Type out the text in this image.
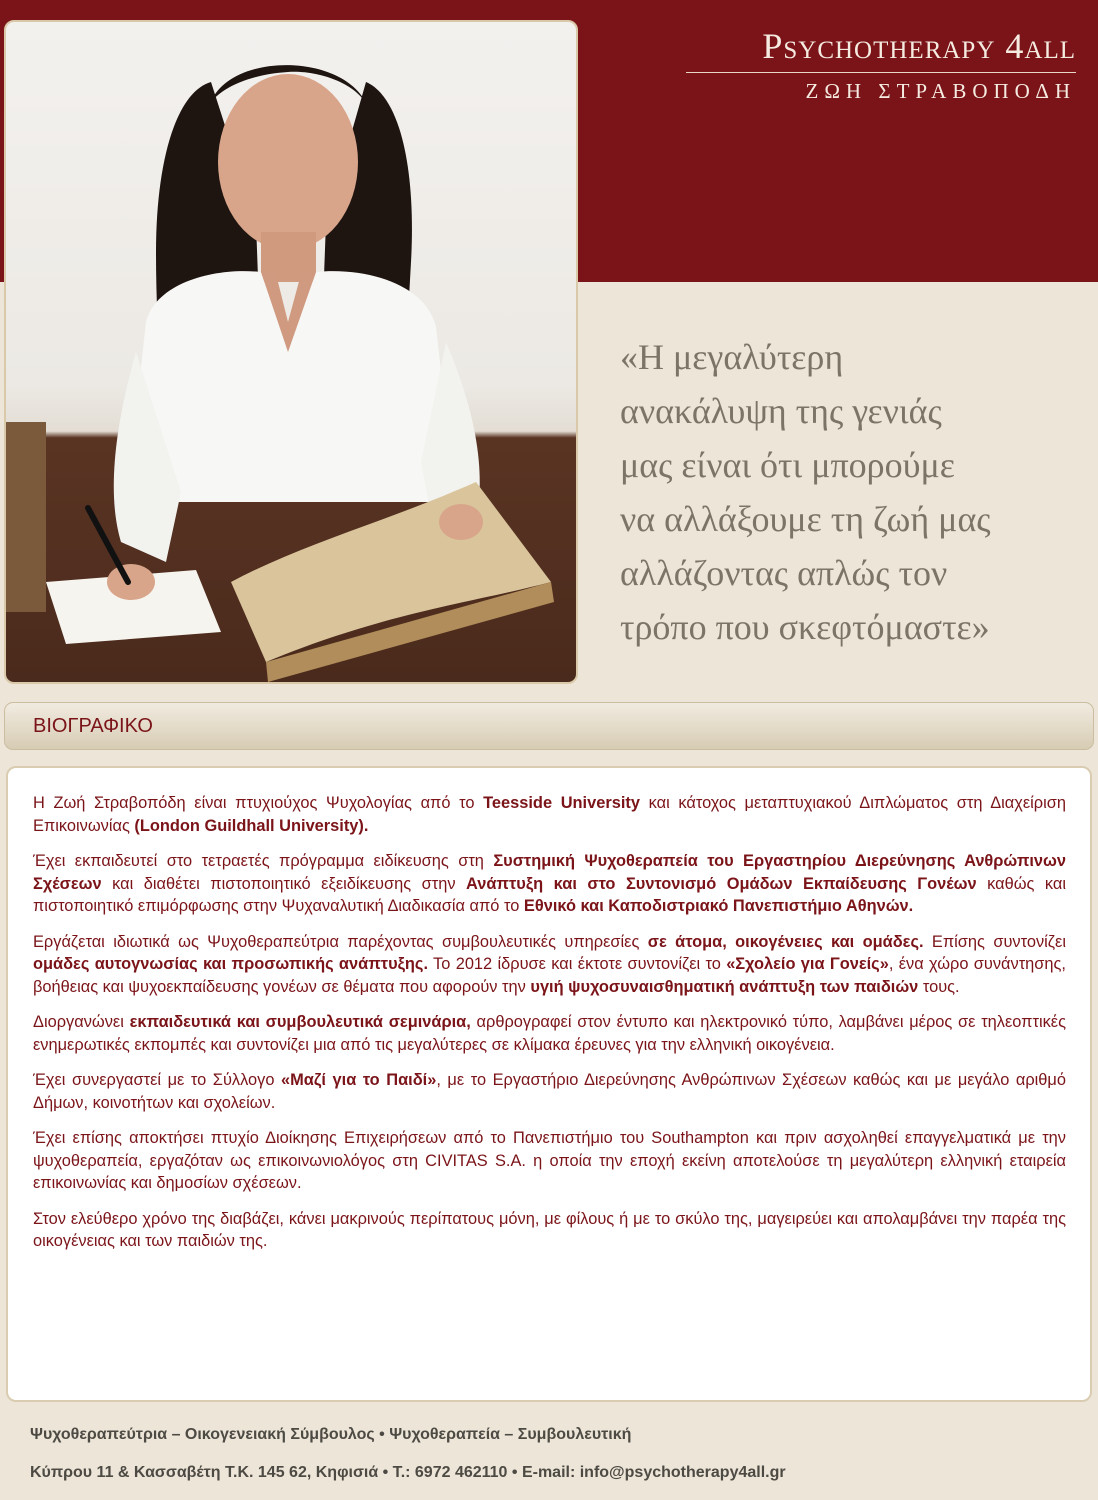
Psychotherapy 4all
ΖΩΗ ΣΤΡΑΒΟΠΟΔΗ
«Η μεγαλύτερη
ανακάλυψη της γενιάς
μας είναι ότι μπορούμε
να αλλάξουμε τη ζωή μας
αλλάζοντας απλώς τον
τρόπο που σκεφτόμαστε»
ΒΙΟΓΡΑΦΙΚΟ

Η Ζωή Στραβοπόδη είναι πτυχιούχος Ψυχολογίας από το Teesside University και κάτοχος μεταπτυχιακού Διπλώματος στη Διαχείριση Επικοινωνίας (London Guildhall University).

Έχει εκπαιδευτεί στο τετραετές πρόγραμμα ειδίκευσης στη Συστημική Ψυχοθεραπεία του Εργαστηρίου Διερεύνησης Ανθρώπινων Σχέσεων και διαθέτει πιστοποιητικό εξειδίκευσης στην Ανάπτυξη και στο Συντονισμό Ομάδων Εκπαίδευσης Γονέων καθώς και πιστοποιητικό επιμόρφωσης στην Ψυχαναλυτική Διαδικασία από το Εθνικό και Καποδιστριακό Πανεπιστήμιο Αθηνών.

Εργάζεται ιδιωτικά ως Ψυχοθεραπεύτρια παρέχοντας συμβουλευτικές υπηρεσίες σε άτομα, οικογένειες και ομάδες. Επίσης συντονίζει ομάδες αυτογνωσίας και προσωπικής ανάπτυξης. Το 2012 ίδρυσε και έκτοτε συντονίζει το «Σχολείο για Γονείς», ένα χώρο συνάντησης, βοήθειας και ψυχοεκπαίδευσης γονέων σε θέματα που αφορούν την υγιή ψυχοσυναισθηματική ανάπτυξη των παιδιών τους.

Διοργανώνει εκπαιδευτικά και συμβουλευτικά σεμινάρια, αρθρογραφεί στον έντυπο και ηλεκτρονικό τύπο, λαμβάνει μέρος σε τηλεοπτικές ενημερωτικές εκπομπές και συντονίζει μια από τις μεγαλύτερες σε κλίμακα έρευνες για την ελληνική οικογένεια.

Έχει συνεργαστεί με το Σύλλογο «Μαζί για το Παιδί», με το Εργαστήριο Διερεύνησης Ανθρώπινων Σχέσεων καθώς και με μεγάλο αριθμό Δήμων, κοινοτήτων και σχολείων.

Έχει επίσης αποκτήσει πτυχίο Διοίκησης Επιχειρήσεων από το Πανεπιστήμιο του Southampton και πριν ασχοληθεί επαγγελματικά με την ψυχοθεραπεία, εργαζόταν ως επικοινωνιολόγος στη CIVITAS S.A. η οποία την εποχή εκείνη αποτελούσε τη μεγαλύτερη ελληνική εταιρεία επικοινωνίας και δημοσίων σχέσεων.

Στον ελεύθερο χρόνο της διαβάζει, κάνει μακρινούς περίπατους μόνη, με φίλους ή με το σκύλο της, μαγειρεύει και απολαμβάνει την παρέα της οικογένειας και των παιδιών της.

Ψυχοθεραπεύτρια – Οικογενειακή Σύμβουλος • Ψυχοθεραπεία – Συμβουλευτική
Κύπρου 11 & Κασσαβέτη Τ.Κ. 145 62, Κηφισιά • Τ.: 6972 462110 • E-mail: info@psychotherapy4all.gr
